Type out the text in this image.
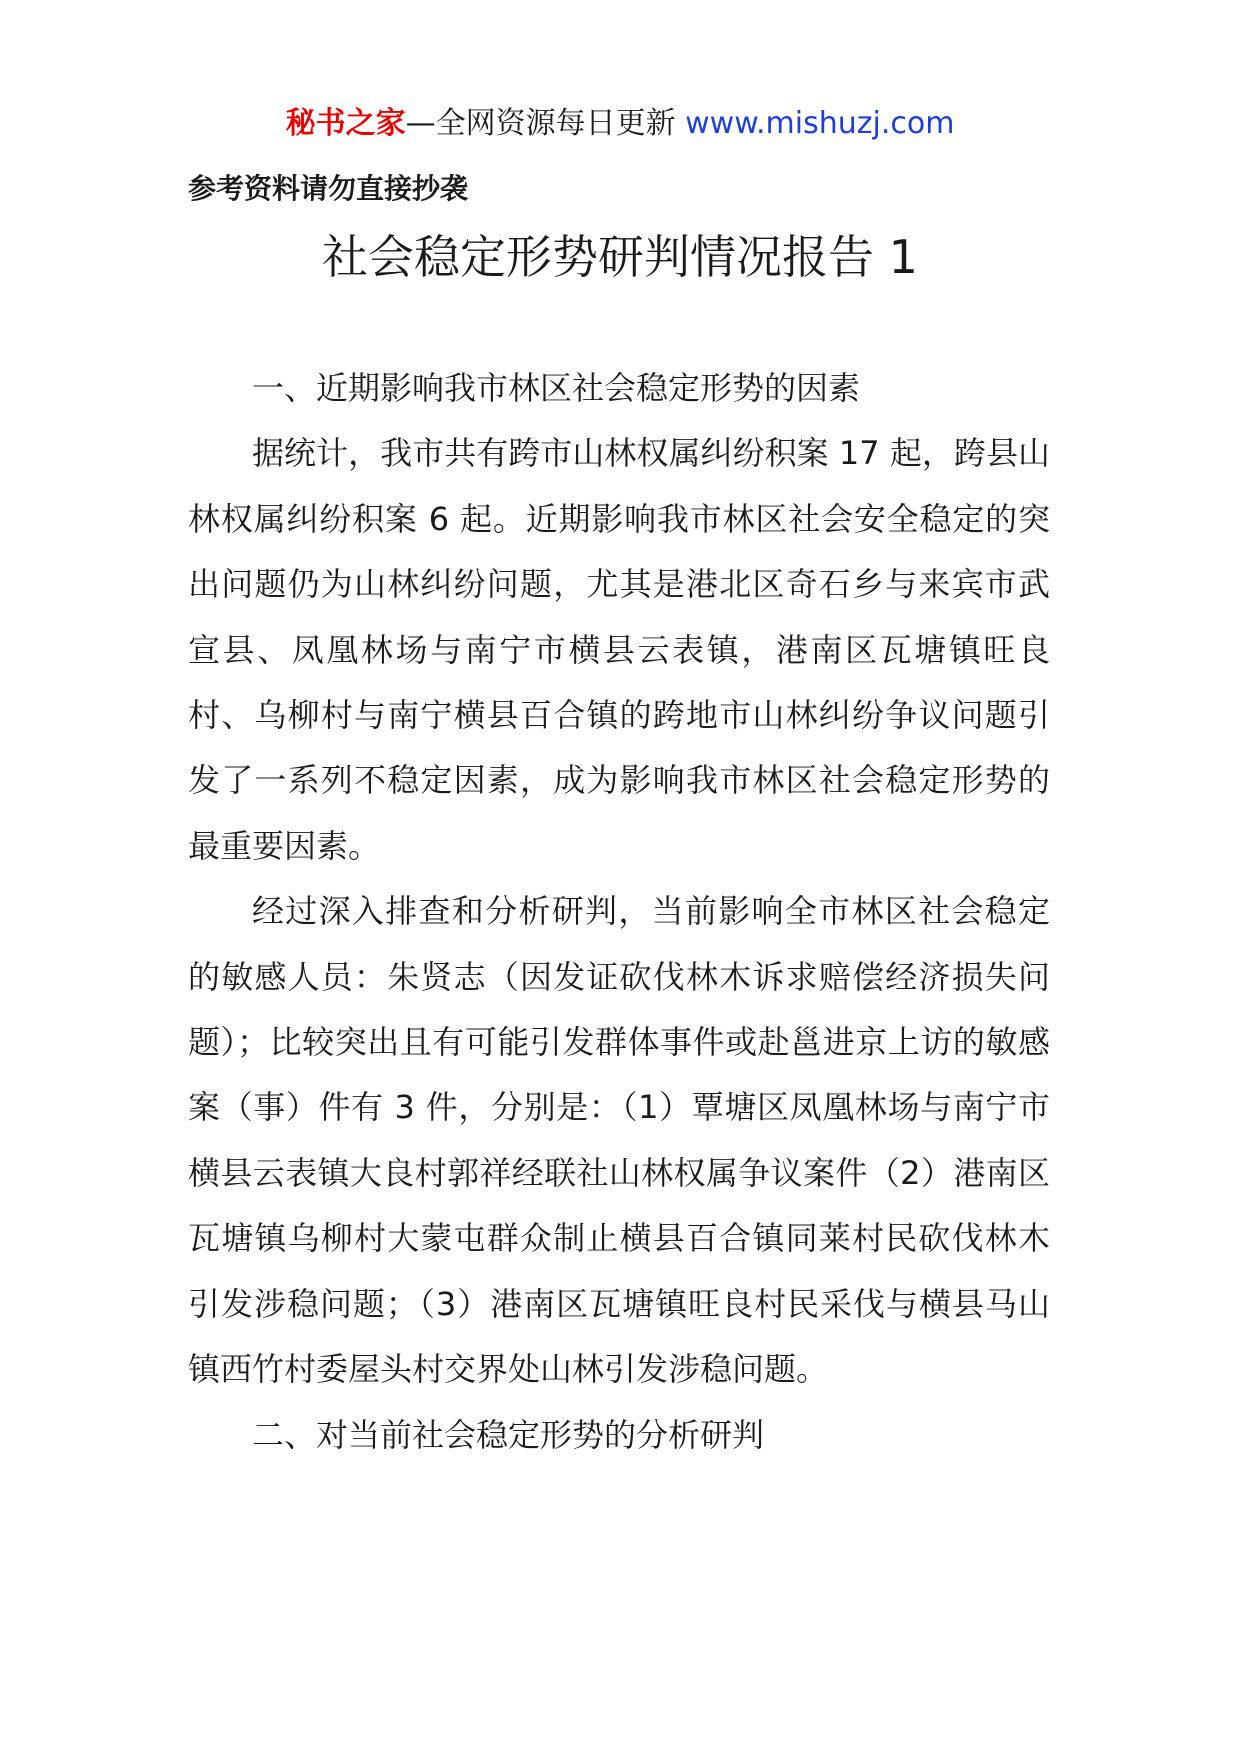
秘书之家—全网资源每日更新 www.mishuzj.com
参考资料请勿直接抄袭
社会稳定形势研判情况报告 1

一、近期影响我市林区社会稳定形势的因素

据统计，我市共有跨市山林权属纠纷积案 17 起，跨县山林权属纠纷积案 6 起。近期影响我市林区社会安全稳定的突出问题仍为山林纠纷问题，尤其是港北区奇石乡与来宾市武宣县、凤凰林场与南宁市横县云表镇，港南区瓦塘镇旺良村、乌柳村与南宁横县百合镇的跨地市山林纠纷争议问题引发了一系列不稳定因素，成为影响我市林区社会稳定形势的最重要因素。

经过深入排查和分析研判，当前影响全市林区社会稳定的敏感人员：朱贤志（因发证砍伐林木诉求赔偿经济损失问题）；比较突出且有可能引发群体事件或赴邕进京上访的敏感案（事）件有 3 件，分别是：（1）覃塘区凤凰林场与南宁市横县云表镇大良村郭祥经联社山林权属争议案件（2）港南区瓦塘镇乌柳村大蒙屯群众制止横县百合镇同莱村民砍伐林木引发涉稳问题；（3）港南区瓦塘镇旺良村民采伐与横县马山镇西竹村委屋头村交界处山林引发涉稳问题。

二、对当前社会稳定形势的分析研判
